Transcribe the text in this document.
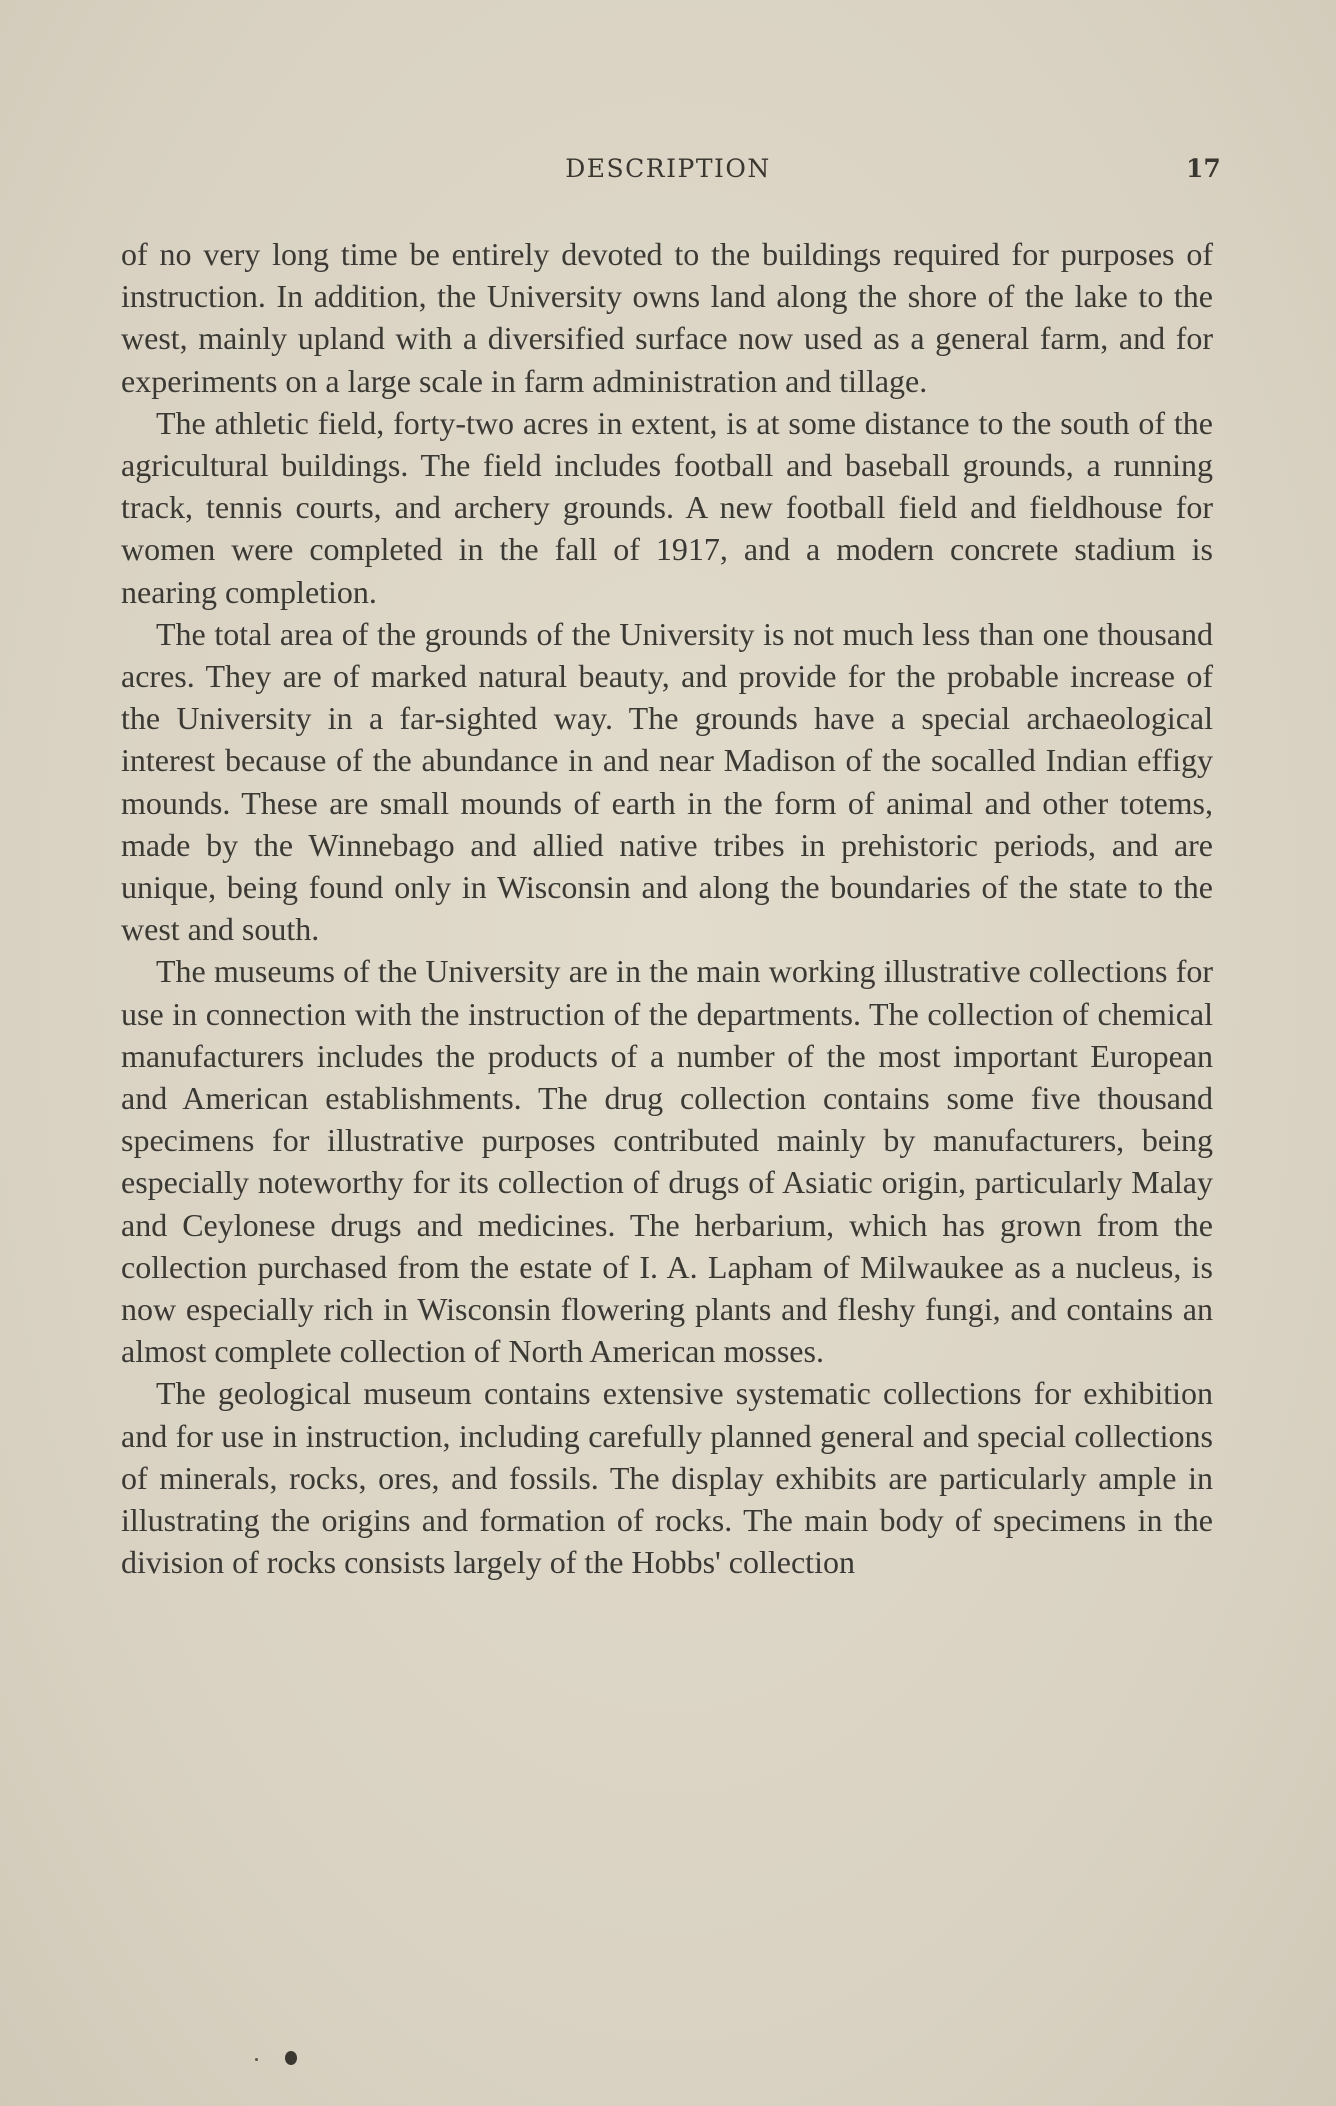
DESCRIPTION	17

of no very long time be entirely devoted to the buildings required for purposes of instruction. In addition, the University owns land along the shore of the lake to the west, mainly upland with a diversified surface now used as a general farm, and for experiments on a large scale in farm administration and tillage.

The athletic field, forty-two acres in extent, is at some distance to the south of the agricultural buildings. The field includes football and baseball grounds, a running track, tennis courts, and archery grounds. A new football field and fieldhouse for women were completed in the fall of 1917, and a modern concrete stadium is nearing completion.

The total area of the grounds of the University is not much less than one thousand acres. They are of marked natural beauty, and provide for the probable increase of the University in a far-sighted way. The grounds have a special archaeological interest because of the abundance in and near Madison of the socalled Indian effigy mounds. These are small mounds of earth in the form of animal and other totems, made by the Winnebago and allied native tribes in prehistoric periods, and are unique, being found only in Wisconsin and along the boundaries of the state to the west and south.

The museums of the University are in the main working illustrative collections for use in connection with the instruction of the departments. The collection of chemical manufacturers includes the products of a number of the most important European and American establishments. The drug collection contains some five thousand specimens for illustrative purposes contributed mainly by manufacturers, being especially noteworthy for its collection of drugs of Asiatic origin, particularly Malay and Ceylonese drugs and medicines. The herbarium, which has grown from the collection purchased from the estate of I. A. Lapham of Milwaukee as a nucleus, is now especially rich in Wisconsin flowering plants and fleshy fungi, and contains an almost complete collection of North American mosses.

The geological museum contains extensive systematic collections for exhibition and for use in instruction, including carefully planned general and special collections of minerals, rocks, ores, and fossils. The display exhibits are particularly ample in illustrating the origins and formation of rocks. The main body of specimens in the division of rocks consists largely of the Hobbs' collection
